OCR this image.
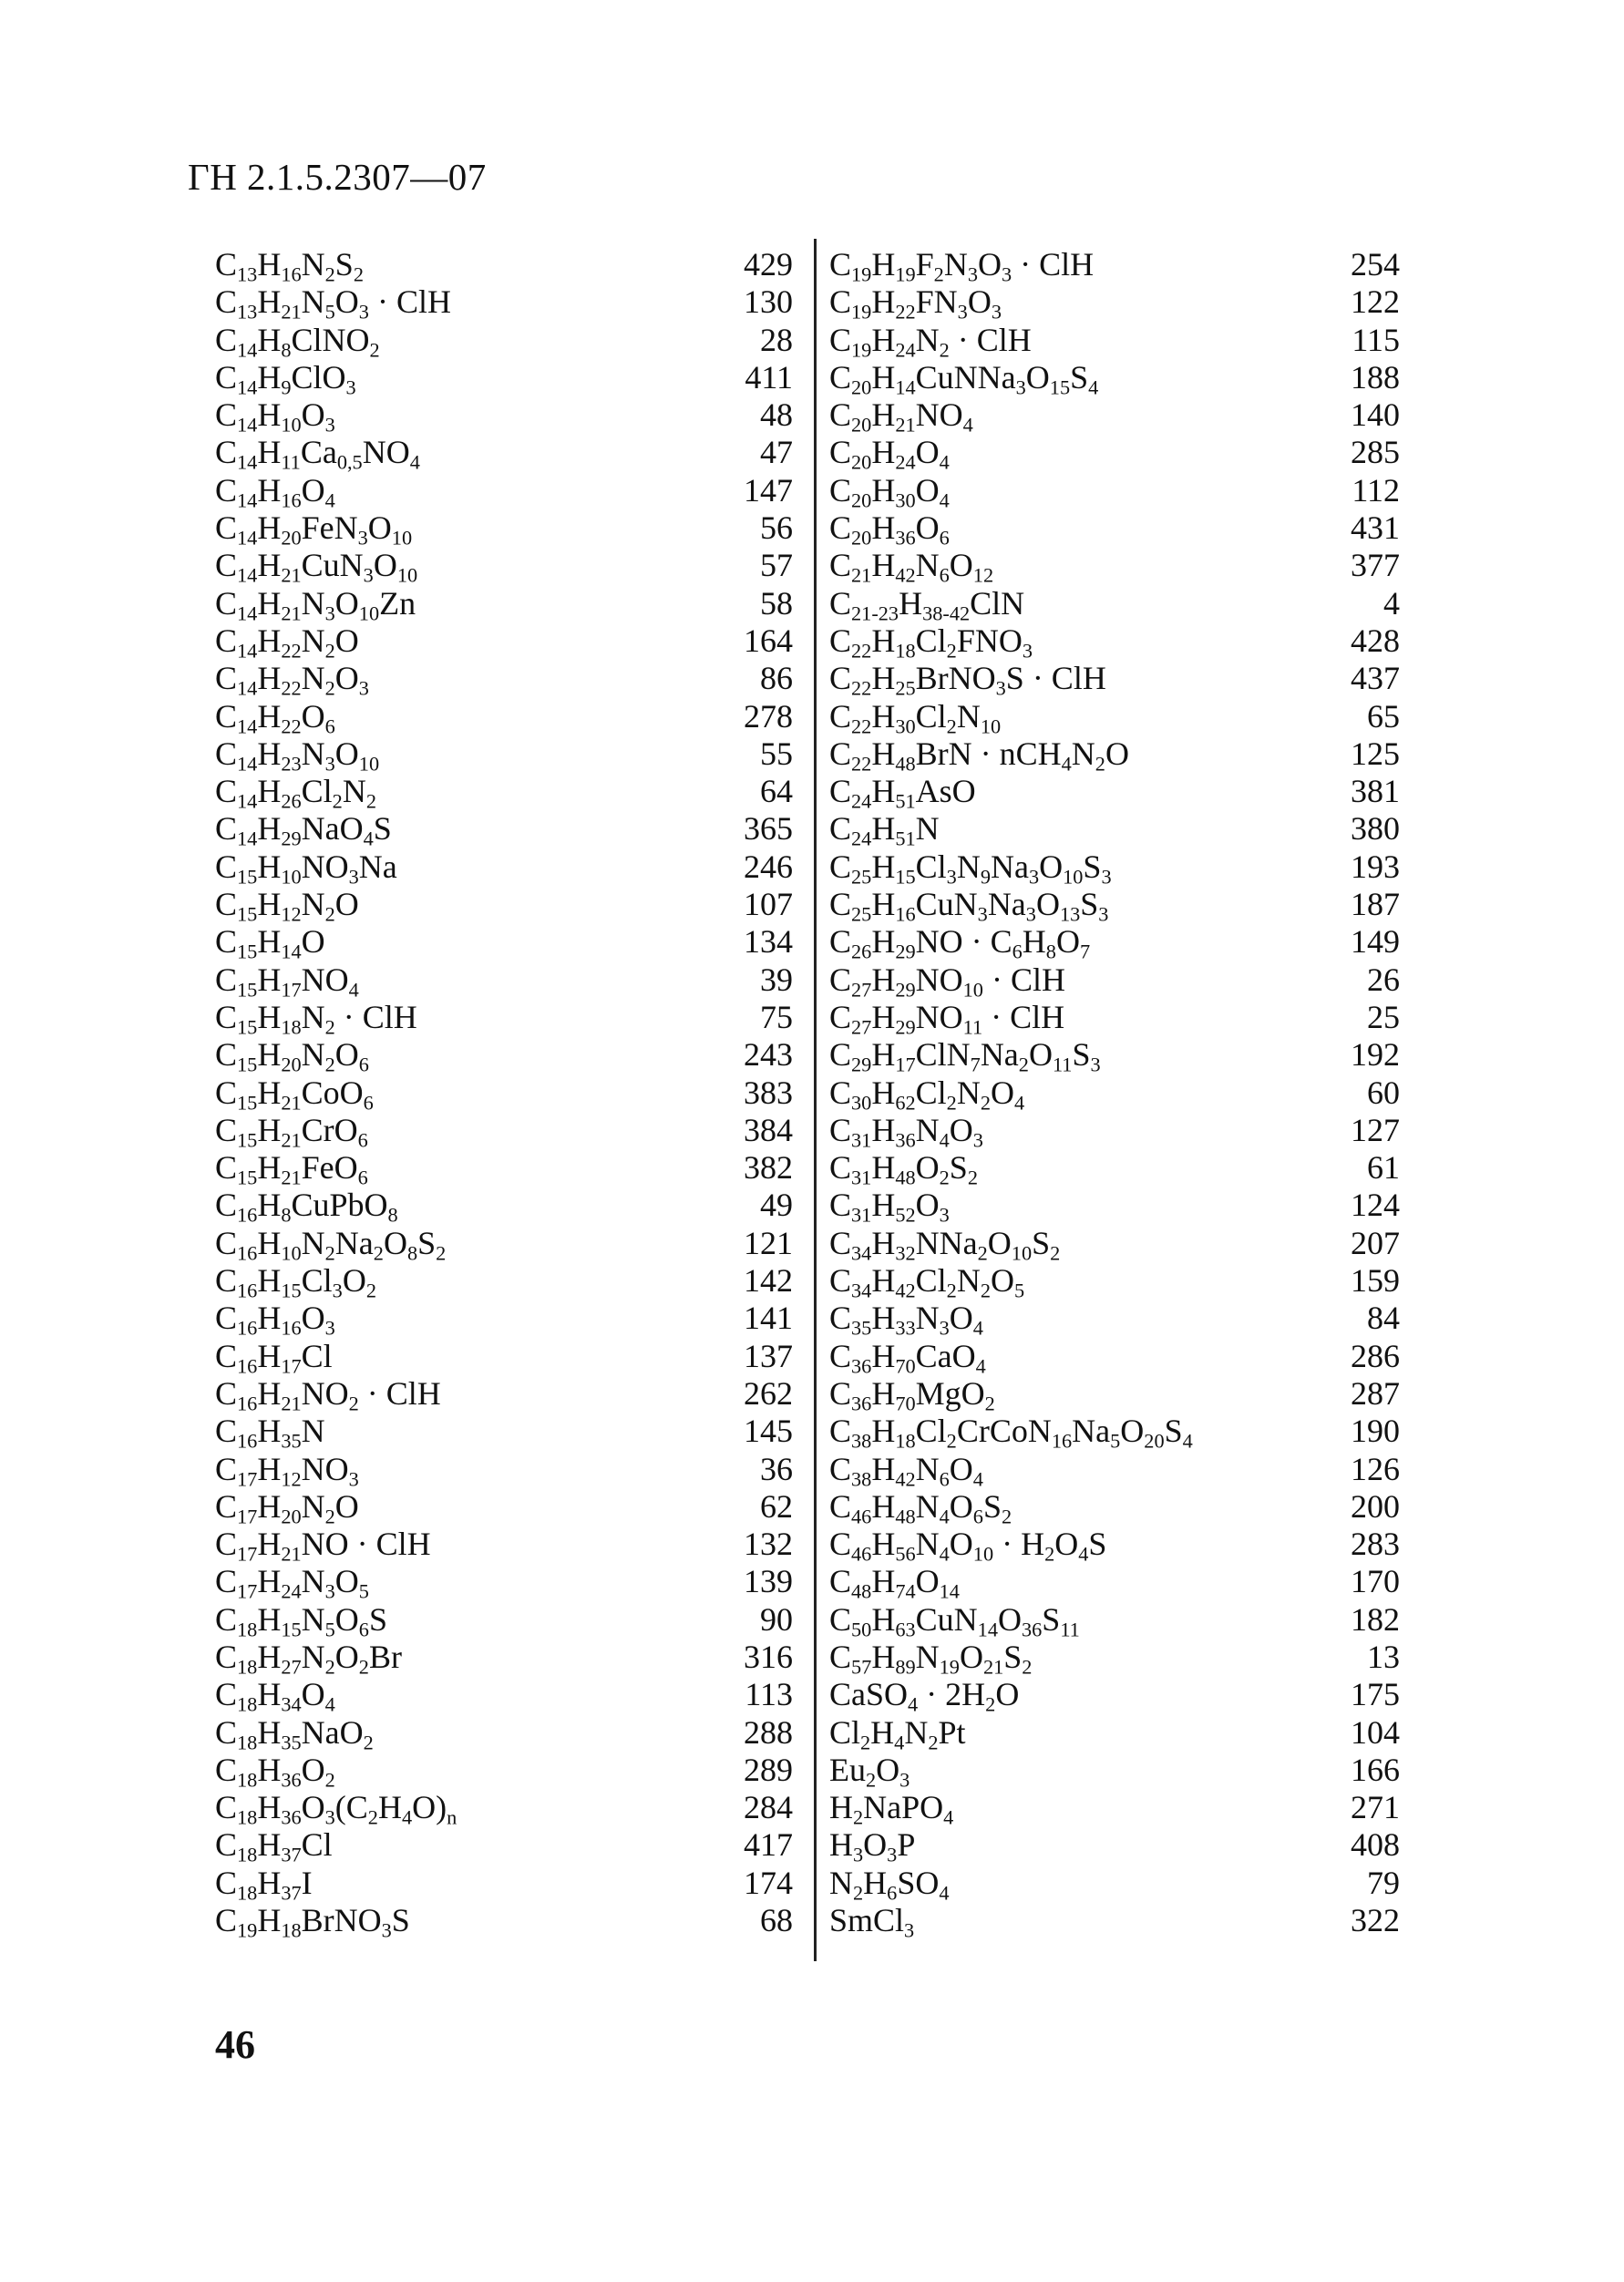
ГН 2.1.5.2307—07
$C_{13}H_{16}N_2S_2$	429
$C_{13}H_{21}N_5O_3$ · ClH	130
$C_{14}H_8ClNO_2$	28
$C_{14}H_9ClO_3$	411
$C_{14}H_{10}O_3$	48
$C_{14}H_{11}Ca_{0,5}NO_4$	47
$C_{14}H_{16}O_4$	147
$C_{14}H_{20}FeN_3O_{10}$	56
$C_{14}H_{21}CuN_3O_{10}$	57
$C_{14}H_{21}N_3O_{10}Zn$	58
$C_{14}H_{22}N_2O$	164
$C_{14}H_{22}N_2O_3$	86
$C_{14}H_{22}O_6$	278
$C_{14}H_{23}N_3O_{10}$	55
$C_{14}H_{26}Cl_2N_2$	64
$C_{14}H_{29}NaO_4S$	365
$C_{15}H_{10}NO_3Na$	246
$C_{15}H_{12}N_2O$	107
$C_{15}H_{14}O$	134
$C_{15}H_{17}NO_4$	39
$C_{15}H_{18}N_2$ · ClH	75
$C_{15}H_{20}N_2O_6$	243
$C_{15}H_{21}CoO_6$	383
$C_{15}H_{21}CrO_6$	384
$C_{15}H_{21}FeO_6$	382
$C_{16}H_8CuPbO_8$	49
$C_{16}H_{10}N_2Na_2O_8S_2$	121
$C_{16}H_{15}Cl_3O_2$	142
$C_{16}H_{16}O_3$	141
$C_{16}H_{17}Cl$	137
$C_{16}H_{21}NO_2$ · ClH	262
$C_{16}H_{35}N$	145
$C_{17}H_{12}NO_3$	36
$C_{17}H_{20}N_2O$	62
$C_{17}H_{21}NO$ · ClH	132
$C_{17}H_{24}N_3O_5$	139
$C_{18}H_{15}N_5O_6S$	90
$C_{18}H_{27}N_2O_2Br$	316
$C_{18}H_{34}O_4$	113
$C_{18}H_{35}NaO_2$	288
$C_{18}H_{36}O_2$	289
$C_{18}H_{36}O_3(C_2H_4O)_n$	284
$C_{18}H_{37}Cl$	417
$C_{18}H_{37}I$	174
$C_{19}H_{18}BrNO_3S$	68
$C_{19}H_{19}F_2N_3O_3$ · ClH	254
$C_{19}H_{22}FN_3O_3$	122
$C_{19}H_{24}N_2$ · ClH	115
$C_{20}H_{14}CuNNa_3O_{15}S_4$	188
$C_{20}H_{21}NO_4$	140
$C_{20}H_{24}O_4$	285
$C_{20}H_{30}O_4$	112
$C_{20}H_{36}O_6$	431
$C_{21}H_{42}N_6O_{12}$	377
$C_{21-23}H_{38-42}ClN$	4
$C_{22}H_{18}Cl_2FNO_3$	428
$C_{22}H_{25}BrNO_3S$ · ClH	437
$C_{22}H_{30}Cl_2N_{10}$	65
$C_{22}H_{48}BrN \cdot nCH_4N_2O$	125
$C_{24}H_{51}AsO$	381
$C_{24}H_{51}N$	380
$C_{25}H_{15}Cl_3N_9Na_3O_{10}S_3$	193
$C_{25}H_{16}CuN_3Na_3O_{13}S_3$	187
$C_{26}H_{29}NO \cdot C_6H_8O_7$	149
$C_{27}H_{29}NO_{10}$ · ClH	26
$C_{27}H_{29}NO_{11}$ · ClH	25
$C_{29}H_{17}ClN_7Na_2O_{11}S_3$	192
$C_{30}H_{62}Cl_2N_2O_4$	60
$C_{31}H_{36}N_4O_3$	127
$C_{31}H_{48}O_2S_2$	61
$C_{31}H_{52}O_3$	124
$C_{34}H_{32}NNa_2O_{10}S_2$	207
$C_{34}H_{42}Cl_2N_2O_5$	159
$C_{35}H_{33}N_3O_4$	84
$C_{36}H_{70}CaO_4$	286
$C_{36}H_{70}MgO_2$	287
$C_{38}H_{18}Cl_2CrCoN_{16}Na_5O_{20}S_4$	190
$C_{38}H_{42}N_6O_4$	126
$C_{46}H_{48}N_4O_6S_2$	200
$C_{46}H_{56}N_4O_{10} \cdot H_2O_4S$	283
$C_{48}H_{74}O_{14}$	170
$C_{50}H_{63}CuN_{14}O_{36}S_{11}$	182
$C_{57}H_{89}N_{19}O_{21}S_2$	13
CaSO$_4$ · $2H_2O$	175
$Cl_2H_4N_2Pt$	104
$Eu_2O_3$	166
$H_2NaPO_4$	271
$H_3O_3P$	408
$N_2H_6SO_4$	79
SmCl$_3$	322
46
